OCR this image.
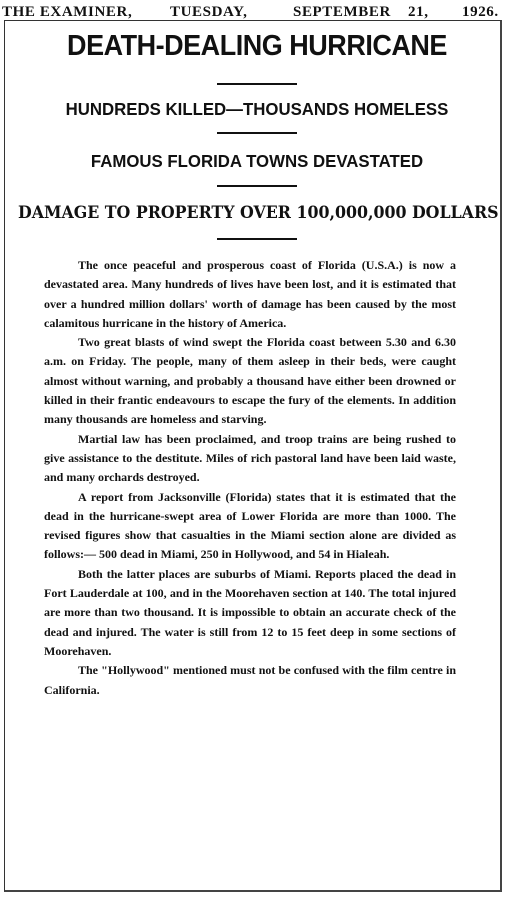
THE EXAMINER,	TUESDAY,	SEPTEMBER 21, 1926.
DEATH-DEALING HURRICANE
HUNDREDS KILLED—THOUSANDS HOMELESS
FAMOUS FLORIDA TOWNS DEVASTATED
DAMAGE TO PROPERTY OVER 100,000,000 DOLLARS

The once peaceful and prosperous coast of Florida (U.S.A.) is now a devastated area. Many hundreds of lives have been lost, and it is estimated that over a hundred million dollars' worth of damage has been caused by the most calamitous hurricane in the history of America.

Two great blasts of wind swept the Florida coast between 5.30 and 6.30 a.m. on Friday. The people, many of them asleep in their beds, were caught almost without warning, and probably a thousand have either been drowned or killed in their frantic endeavours to escape the fury of the elements. In addition many thousands are homeless and starving.

Martial law has been proclaimed, and troop trains are being rushed to give assistance to the destitute. Miles of rich pastoral land have been laid waste, and many orchards destroyed.

A report from Jacksonville (Florida) states that it is estimated that the dead in the hurricane-swept area of Lower Florida are more than 1000. The revised figures show that casualties in the Miami section alone are divided as follows:— 500 dead in Miami, 250 in Hollywood, and 54 in Hialeah.

Both the latter places are suburbs of Miami. Reports placed the dead in Fort Lauderdale at 100, and in the Moorehaven section at 140. The total injured are more than two thousand. It is impossible to obtain an accurate check of the dead and injured. The water is still from 12 to 15 feet deep in some sections of Moorehaven.

The "Hollywood" mentioned must not be confused with the film centre in California.
